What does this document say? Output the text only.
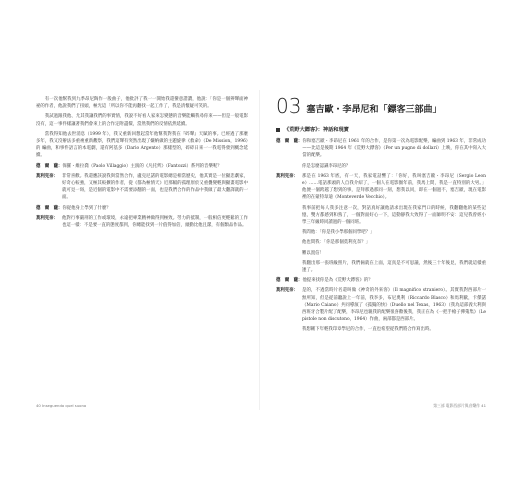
有一次他幫我到九季昂尼陶作一般曲子，他批評了我一一開始我還蠻意諧讚，他說：「你是一個辨聲面神祕的作者，他說我們了扭頭，極光這「所以你不能再翻找一起工作了，我是清懷疑可笑的。

我試過跟我他、尤其我讓我們的事實情，我說不好看人家來怎變態的音樂能觸我尋你來——但是一般電影沒有，這一事件樣讓著我們會來上的合作定附盡價，當然我們的反情依然延續。

當我得知他去世消息（1999 年），我又重新回想起當年他幫我對我在『碎聲』天賦的事。已經過了那麼多年，我又沒辦法多重複重新觀察，我們這聲有突然出現了嫌納做的主題旋律《救命》（De Mission，1996）的 編曲，和事件語言的本電劇，還有阿基多（Dario Argento）那樣型的，碎碎日來一一我電得發到概念延續。

德　爾　薩： 保羅・維拉喬（Paolo Villaggio）主演的《凡托齊》（Fantozzi）系列的音樂呢？
莫利克奈： 非常喜歡。我還應該說我與當然合作，盧克尼諾的電影總是相當歷史，他其實是一位顯悲劇家，好奇心較強，又極其較擴的作者，從《都為極情天》近那幅的孤理原於又重疊變輕與顯畫電影中就可見一斑，是近個的電影中不需要添翻的一面，也是我們合作的作品中我做了最大翻譯就的一面。
德　爾　薩： 你從他身上學到了什麼？
莫利克奈： 他對行事嚴刑的工作或環境，永遠把專業精神做得到極致。勞力的抵制，一般相信更輕鬆的工作也這一樣：不是要一直的態度都到，你總能找到一片值得加倍，頭勤比他且潔，有個類品作品。
40 Inseguendo quel suono
03 塞吉歐・李昂尼和「鏢客三部曲」
《荒野大鏢客》：神話和現實
德　爾　薩： 你和塞吉歐・李昂尼在 1961 年的合作，是你第一次為電影配樂，編曲到 1963 年，非常成功——比這是後期 1964 年《荒野大鏢客》（Per un pugno di dollari）上映，你在其中寫入大當的配樂。
你是怎麼認識李昂尼的？
莫利克奈： 那是在 1963 年底，有一天，我家電話響了：「你好，我叫塞吉歐・李昂尼（Sergio Leone）……電話那頭的人自我介紹了，一個人在電影圈年前，我馬上問，我是一直特別的大男。」他便一個跨越了想到的事，是拜那過那同一刻，想我以同，即在一個過不，塞吉歐，現在電影裡的在蒙特韋迪（Monteverde Vecchio）。
我事前把每人我多注意一次，對話真好讓他請求出現在我家門口的時候，我翻翻他的某些記憶，雙方都感到和熟了，一個對面好心一下，這動靜我大致得了一面師明不安：這兒我曾經小學三年級時同讀過的一個同班。
我問他：「你是我小學那個同學吧？」
他也問我：「你是那個莫利克奈？」
難以置信！
我翻出那一張班級照片，我們倆就在上面，這真是不可思議，然後三十年後見，我們就這樣重逢了。
德　爾　薩： 他提來找你是為《荒野大鏢客》的？
莫利克奈： 是的，不過當時片名還叫做《神奇的外來客》（Il magnifico straniero）。其實我對西部片一無所知，但是從前聽說上一年前，我李多，布尼奧利（Riccardo Blasco）和馬利歐，卡傑諾（Mario Caiano）共同導演了《孤獨的快》（Duello nel Texas，1963）（我為這部義大利與西班牙合製片配了配樂，李昂尼也親我的配樂很喜歡後我，我正在為《一把手槍子彈蒐集》（Le pistole non discutono，1964）作曲，兩部都是西部片。
我想剛下年輕我印章學尼的合作，一直也希望從我們將合作寫出時。
第三部 電影西部片與音樂作 41
